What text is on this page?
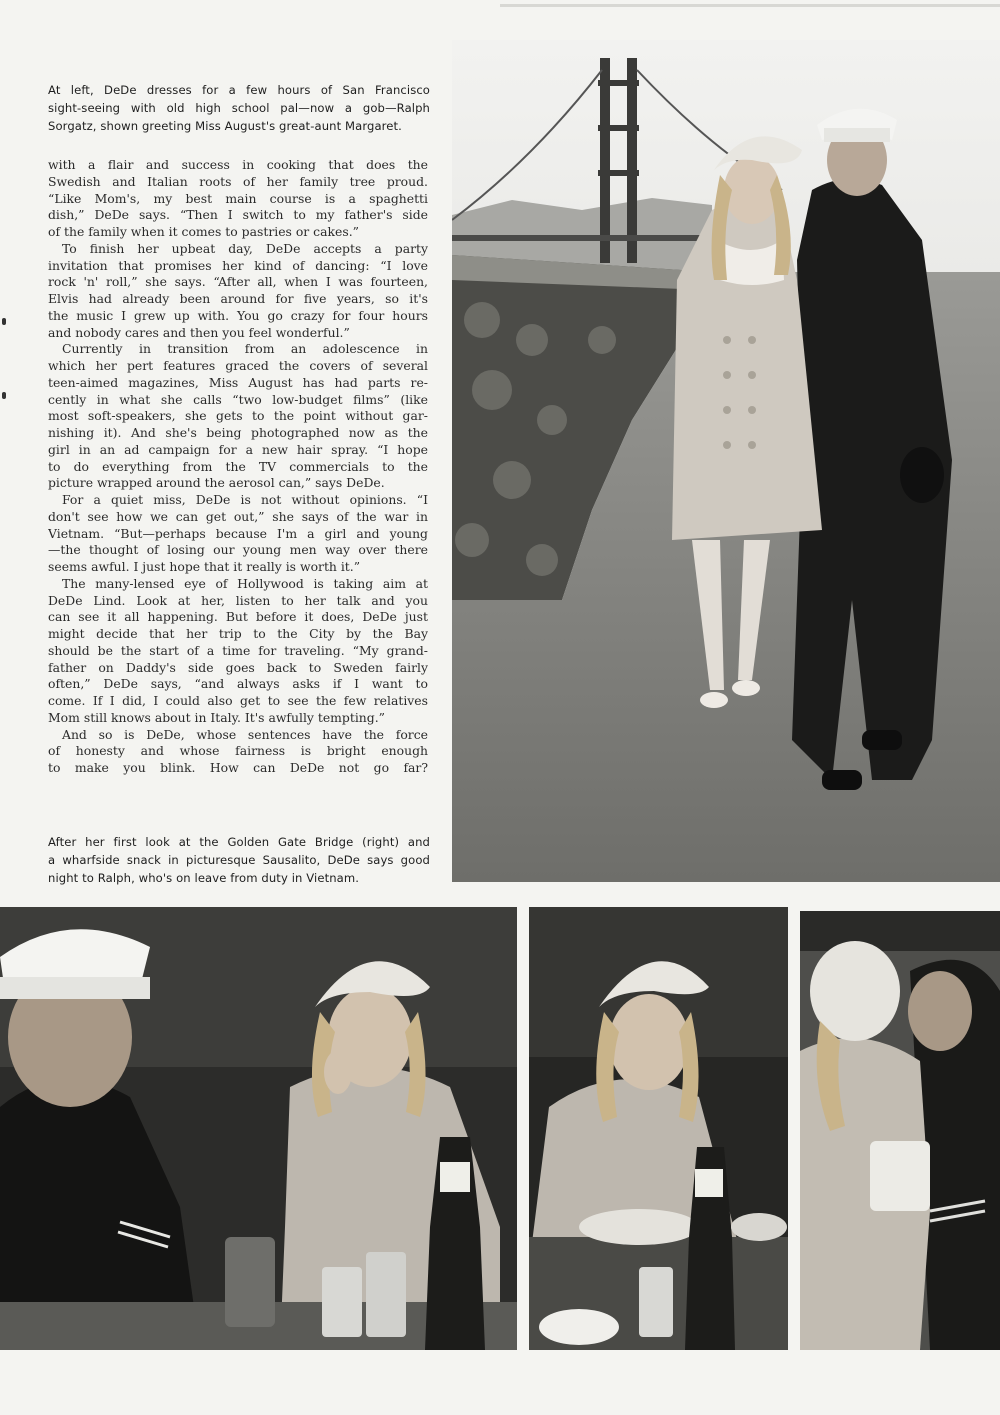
At left, DeDe dresses for a few hours of San Francisco
sight-seeing with old high school pal—now a gob—Ralph
Sorgatz, shown greeting Miss August's great-aunt Margaret.
with a flair and success in cooking that does the
Swedish and Italian roots of her family tree proud.
“Like Mom's, my best main course is a spaghetti
dish,” DeDe says. “Then I switch to my father's side
of the family when it comes to pastries or cakes.”
To finish her upbeat day, DeDe accepts a party
invitation that promises her kind of dancing: “I love
rock 'n' roll,” she says. “After all, when I was fourteen,
Elvis had already been around for five years, so it's
the music I grew up with. You go crazy for four hours
and nobody cares and then you feel wonderful.”
Currently in transition from an adolescence in
which her pert features graced the covers of several
teen-aimed magazines, Miss August has had parts re-
cently in what she calls “two low-budget films” (like
most soft-speakers, she gets to the point without gar-
nishing it). And she's being photographed now as the
girl in an ad campaign for a new hair spray. “I hope
to do everything from the TV commercials to the
picture wrapped around the aerosol can,” says DeDe.
For a quiet miss, DeDe is not without opinions. “I
don't see how we can get out,” she says of the war in
Vietnam. “But—perhaps because I'm a girl and young
—the thought of losing our young men way over there
seems awful. I just hope that it really is worth it.”
The many-lensed eye of Hollywood is taking aim at
DeDe Lind. Look at her, listen to her talk and you
can see it all happening. But before it does, DeDe just
might decide that her trip to the City by the Bay
should be the start of a time for traveling. “My grand-
father on Daddy's side goes back to Sweden fairly
often,” DeDe says, “and always asks if I want to
come. If I did, I could also get to see the few relatives
Mom still knows about in Italy. It's awfully tempting.”
And so is DeDe, whose sentences have the force
of honesty and whose fairness is bright enough
to make you blink. How can DeDe not go far?
After her first look at the Golden Gate Bridge (right) and
a wharfside snack in picturesque Sausalito, DeDe says good
night to Ralph, who's on leave from duty in Vietnam.
